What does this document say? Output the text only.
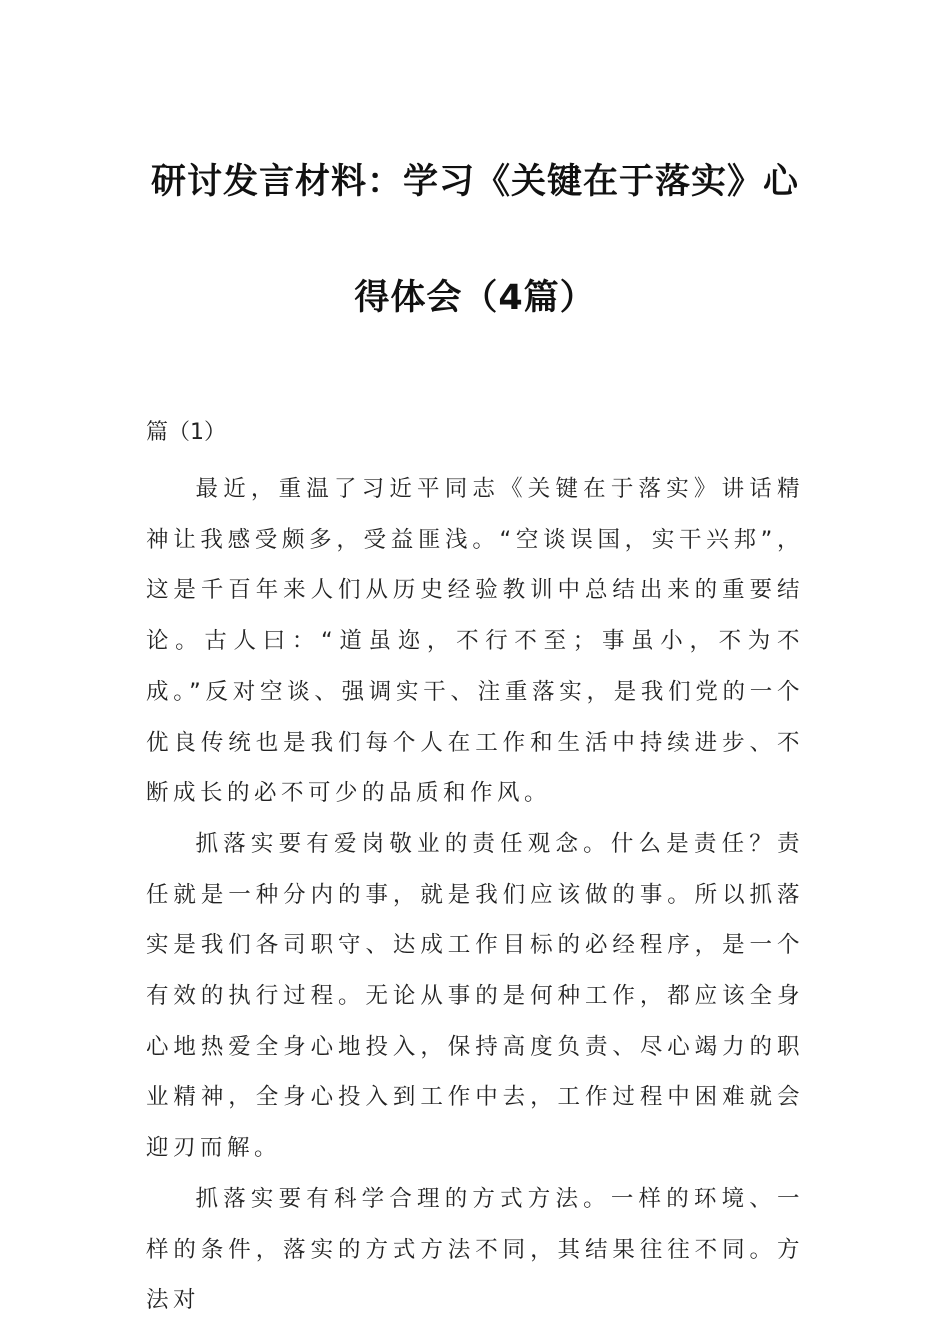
研讨发言材料：学习《关键在于落实》心
得体会（4篇）
篇（1）

最近，重温了习近平同志《关键在于落实》讲话精神让我感受颇多，受益匪浅。“空谈误国，实干兴邦”，这是千百年来人们从历史经验教训中总结出来的重要结论。古人曰：“道虽迩，不行不至；事虽小，不为不成。”反对空谈、强调实干、注重落实，是我们党的一个优良传统也是我们每个人在工作和生活中持续进步、不断成长的必不可少的品质和作风。

抓落实要有爱岗敬业的责任观念。什么是责任？责任就是一种分内的事，就是我们应该做的事。所以抓落实是我们各司职守、达成工作目标的必经程序，是一个有效的执行过程。无论从事的是何种工作，都应该全身心地热爱全身心地投入，保持高度负责、尽心竭力的职业精神，全身心投入到工作中去，工作过程中困难就会迎刃而解。

抓落实要有科学合理的方式方法。一样的环境、一样的条件，落实的方式方法不同，其结果往往不同。方法对
